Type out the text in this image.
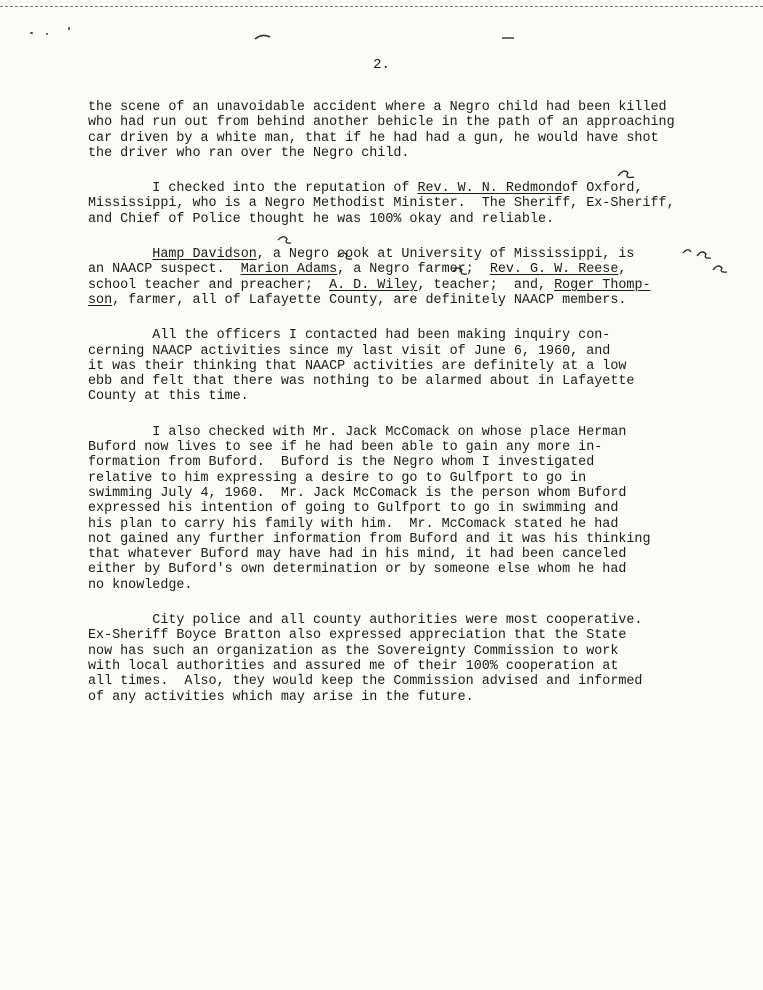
2.
the scene of an unavoidable accident where a Negro child had been killed
who had run out from behind another behicle in the path of an approaching
car driven by a white man, that if he had had a gun, he would have shot
the driver who ran over the Negro child.
I checked into the reputation of Rev. W. N. Redmondof Oxford,
Mississippi, who is a Negro Methodist Minister.  The Sheriff, Ex-Sheriff,
and Chief of Police thought he was 100% okay and reliable.
Hamp Davidson, a Negro cook at University of Mississippi, is
an NAACP suspect.  Marion Adams, a Negro farmer;  Rev. G. W. Reese,
school teacher and preacher;  A. D. Wiley, teacher;  and, Roger Thomp-
son, farmer, all of Lafayette County, are definitely NAACP members.
All the officers I contacted had been making inquiry con-
cerning NAACP activities since my last visit of June 6, 1960, and
it was their thinking that NAACP activities are definitely at a low
ebb and felt that there was nothing to be alarmed about in Lafayette
County at this time.
I also checked with Mr. Jack McComack on whose place Herman
Buford now lives to see if he had been able to gain any more in-
formation from Buford.  Buford is the Negro whom I investigated
relative to him expressing a desire to go to Gulfport to go in
swimming July 4, 1960.  Mr. Jack McComack is the person whom Buford
expressed his intention of going to Gulfport to go in swimming and
his plan to carry his family with him.  Mr. McComack stated he had
not gained any further information from Buford and it was his thinking
that whatever Buford may have had in his mind, it had been canceled
either by Buford's own determination or by someone else whom he had
no knowledge.
City police and all county authorities were most cooperative.
Ex-Sheriff Boyce Bratton also expressed appreciation that the State
now has such an organization as the Sovereignty Commission to work
with local authorities and assured me of their 100% cooperation at
all times.  Also, they would keep the Commission advised and informed
of any activities which may arise in the future.
